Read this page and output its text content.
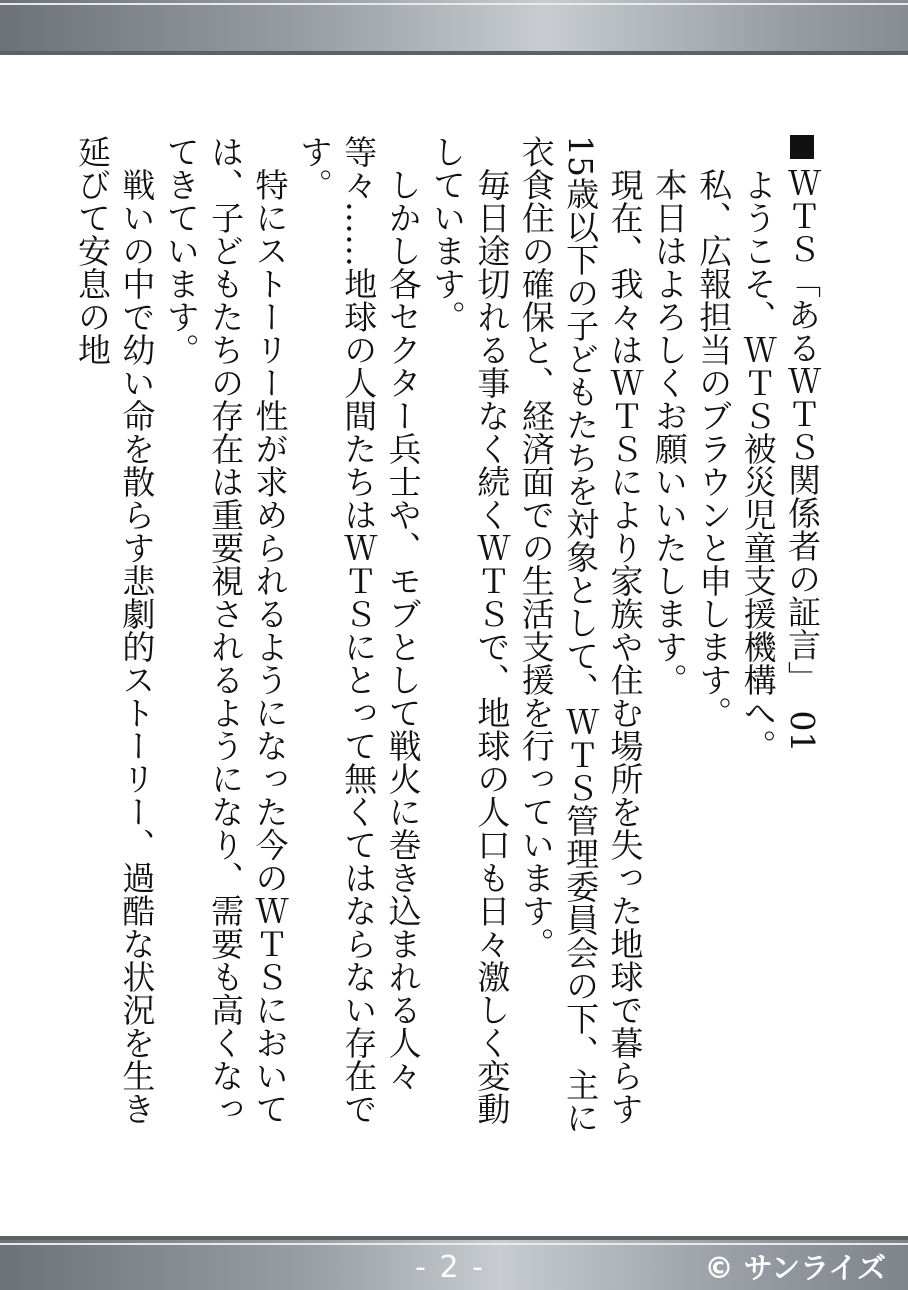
ＷＴＳ「あるＷＴＳ関係者の証言」　01

ようこそ、ＷＴＳ被災児童支援機構へ。

私、広報担当のブラウンと申します。

本日はよろしくお願いいたします。

現在、我々はＷＴＳにより家族や住む場所を失った地球で暮らす15歳以下の子どもたちを対象として、ＷＴＳ管理委員会の下、主に衣食住の確保と、経済面での生活支援を行っています。

毎日途切れる事なく続くＷＴＳで、地球の人口も日々激しく変動しています。

しかし各セクター兵士や、モブとして戦火に巻き込まれる人々等々……地球の人間たちはＷＴＳにとって無くてはならない存在です。

特にストーリー性が求められるようになった今のＷＴＳにおいては、子どもたちの存在は重要視されるようになり、需要も高くなってきています。

戦いの中で幼い命を散らす悲劇的ストーリー、過酷な状況を生き延びて安息の地

- 2 -	© サンライズ
